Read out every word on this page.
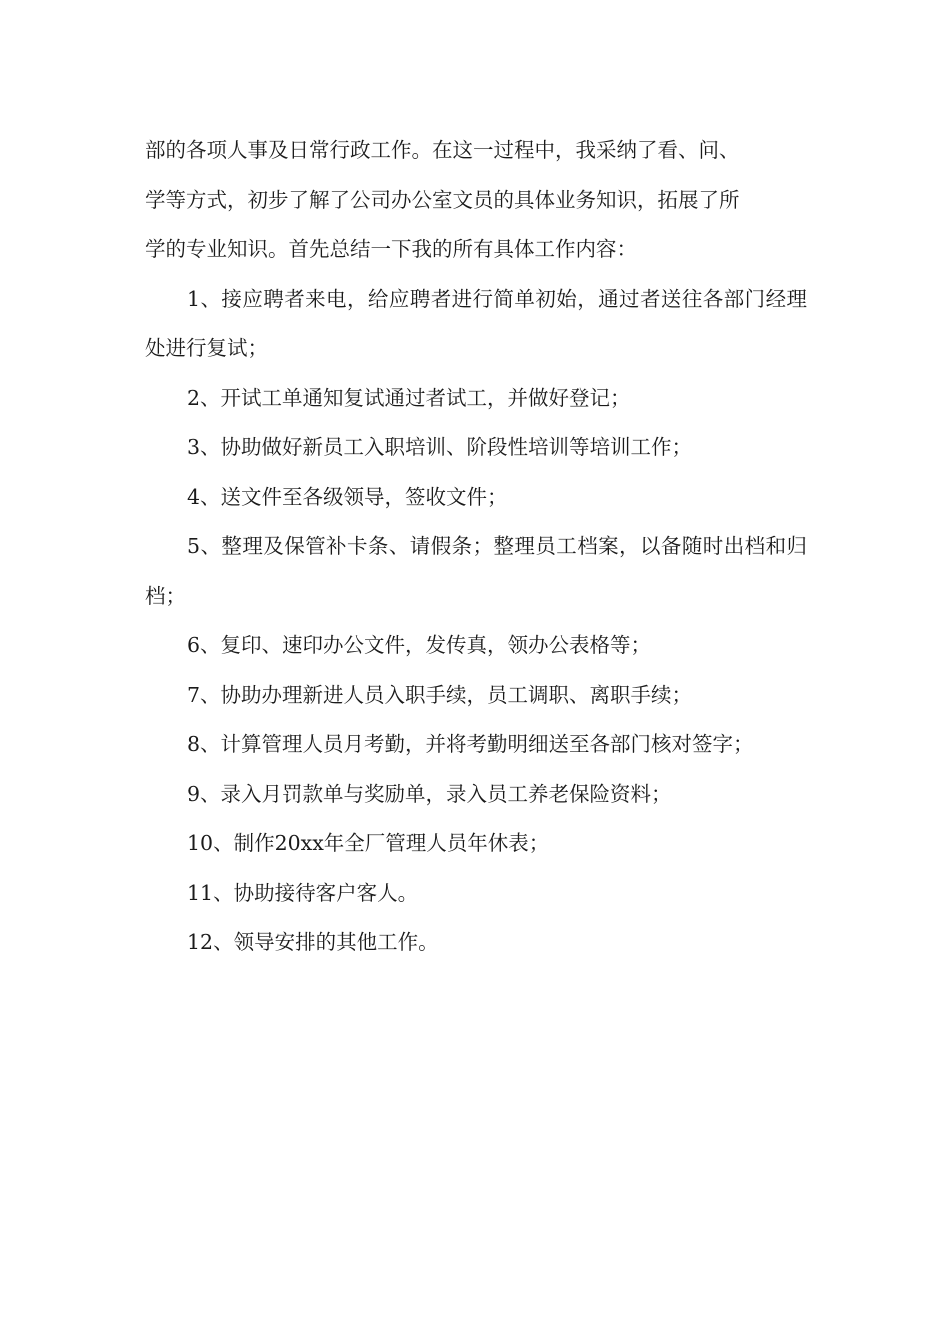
部的各项人事及日常行政工作。在这一过程中，我采纳了看、问、
学等方式，初步了解了公司办公室文员的具体业务知识，拓展了所
学的专业知识。首先总结一下我的所有具体工作内容：

1、接应聘者来电，给应聘者进行简单初始，通过者送往各部门经理处进行复试；

2、开试工单通知复试通过者试工，并做好登记；

3、协助做好新员工入职培训、阶段性培训等培训工作；

4、送文件至各级领导，签收文件；

5、整理及保管补卡条、请假条；整理员工档案，以备随时出档和归档；

6、复印、速印办公文件，发传真，领办公表格等；

7、协助办理新进人员入职手续，员工调职、离职手续；

8、计算管理人员月考勤，并将考勤明细送至各部门核对签字；

9、录入月罚款单与奖励单，录入员工养老保险资料；

10、制作20xx年全厂管理人员年休表；

11、协助接待客户客人。

12、领导安排的其他工作。
